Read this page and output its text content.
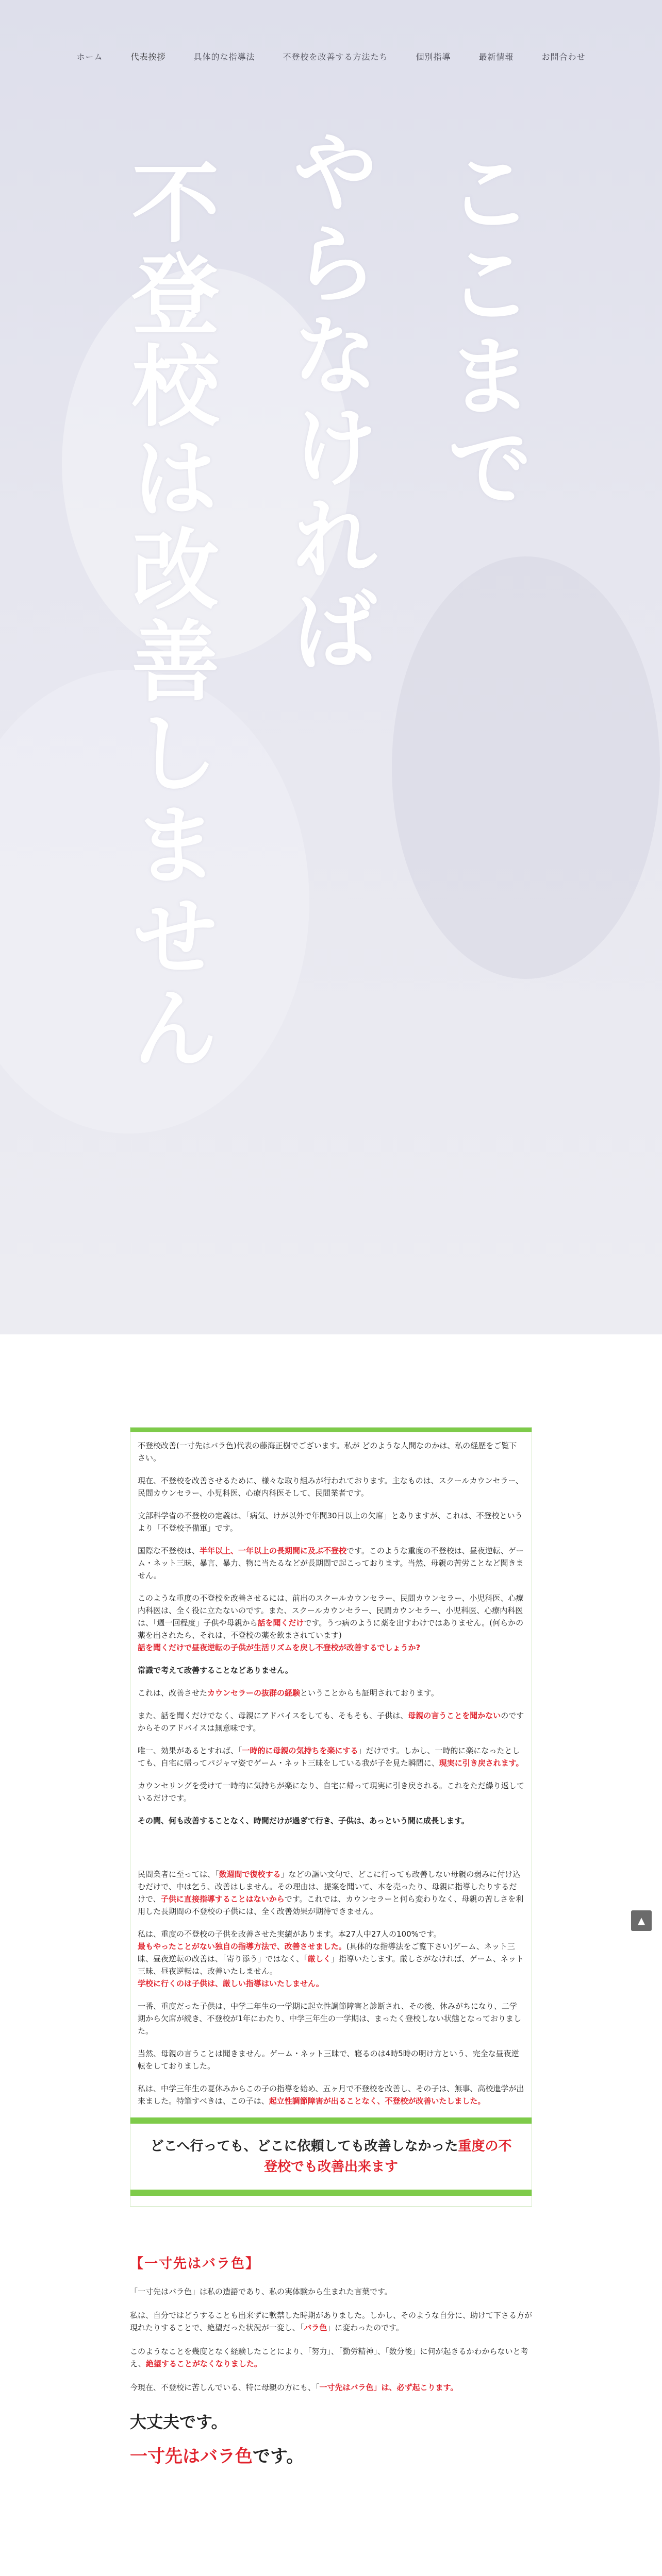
ホーム	代表挨拶	具体的な指導法	不登校を改善する方法たち	個別指導	最新情報	お問合わせ
ここまで
やらなければ
不登校は改善しません
▲

不登校改善(一寸先はバラ色)代表の藤海正樹でございます。私が どのような人間なのかは、私の経歴をご覧下さい。

現在、不登校を改善させるために、様々な取り組みが行われております。主なものは、スクールカウンセラー、民間カウンセラー、小児科医、心療内科医そして、民間業者です。

文部科学省の不登校の定義は、「病気、けが以外で年間30日以上の欠席」とありますが、これは、不登校というより「不登校予備軍」です。

国際な不登校は、半年以上、一年以上の長期間に及ぶ不登校です。このような重度の不登校は、昼夜逆転、ゲーム・ネット三昧、暴言、暴力、物に当たるなどが長期間で起こっております。当然、母親の苦労ことなど聞きません。

このような重度の不登校を改善させるには、前出のスクールカウンセラー、民間カウンセラー、小児科医、心療内科医は、全く役に立たないのです。また、スクールカウンセラー、民間カウンセラー、小児科医、心療内科医は、「週一回程度」子供や母親から話を聞くだけです。うつ病のように薬を出すわけではありません。(何らかの薬を出されたら、それは、不登校の薬を飲まされています)
話を聞くだけで昼夜逆転の子供が生活リズムを戻し不登校が改善するでしょうか?

常識で考えて改善することなどありません。

これは、改善させたカウンセラーの抜群の経験ということからも証明されております。

また、話を聞くだけでなく、母親にアドバイスをしても、そもそも、子供は、母親の言うことを聞かないのですからそのアドバイスは無意味です。

唯一、効果があるとすれば、「一時的に母親の気持ちを楽にする」だけです。しかし、一時的に楽になったとしても、自宅に帰ってパジャマ姿でゲーム・ネット三昧をしている我が子を見た瞬間に、現実に引き戻されます。

カウンセリングを受けて一時的に気持ちが楽になり、自宅に帰って現実に引き戻される。これをただ繰り返しているだけです。

その間、何も改善することなく、時間だけが過ぎて行き、子供は、あっという間に成長します。

民間業者に至っては、「数週間で復校する」などの謳い文句で、どこに行っても改善しない母親の弱みに付け込むだけで、中は乞う、改善はしません。その理由は、提案を聞いて、本を売ったり、母親に指導したりするだけで、子供に直接指導することはないからです。これでは、カウンセラーと何ら変わりなく、母親の苦しさを利用した長期間の不登校の子供には、全く改善効果が期待できません。

私は、重度の不登校の子供を改善させた実績があります。本27人中27人の100%です。
最もやったことがない独自の指導方法で、改善させました。(具体的な指導法をご覧下さい)ゲーム、ネット三昧、昼夜逆転の改善は、「寄り添う」ではなく、「厳しく」指導いたします。厳しさがなければ、ゲーム、ネット三昧、昼夜逆転は、改善いたしません。
学校に行くのは子供は、厳しい指導はいたしません。

一番、重度だった子供は、中学二年生の一学期に起立性調節障害と診断され、その後、休みがちになり、二学期から欠席が続き、不登校が1年にわたり、中学三年生の一学期は、まったく登校しない状態となっておりました。

当然、母親の言うことは聞きません。ゲーム・ネット三昧で、寝るのは4時5時の明け方という、完全な昼夜逆転をしておりました。

私は、中学三年生の夏休みからこの子の指導を始め、五ヶ月で不登校を改善し、その子は、無事、高校進学が出来ました。特筆すべきは、この子は、起立性調節障害が出ることなく、不登校が改善いたしました。

どこへ行っても、どこに依頼しても改善しなかった重度の不登校でも改善出来ます
【一寸先はバラ色】

「一寸先はバラ色」は私の造語であり、私の実体験から生まれた言葉です。

私は、自分ではどうすることも出来ずに軟禁した時期がありました。しかし、そのような自分に、助けて下さる方が現れたりすることで、絶望だった状況が一変し、「バラ色」に変わったのです。

このようなことを幾度となく経験したことにより、「努力」、「勤労精神」、「数分後」に何が起きるかわからないと考え、絶望することがなくなりました。

今現在、不登校に苦しんでいる、特に母親の方にも、「一寸先はバラ色」は、必ず起こります。

大丈夫です。
一寸先はバラ色です。
